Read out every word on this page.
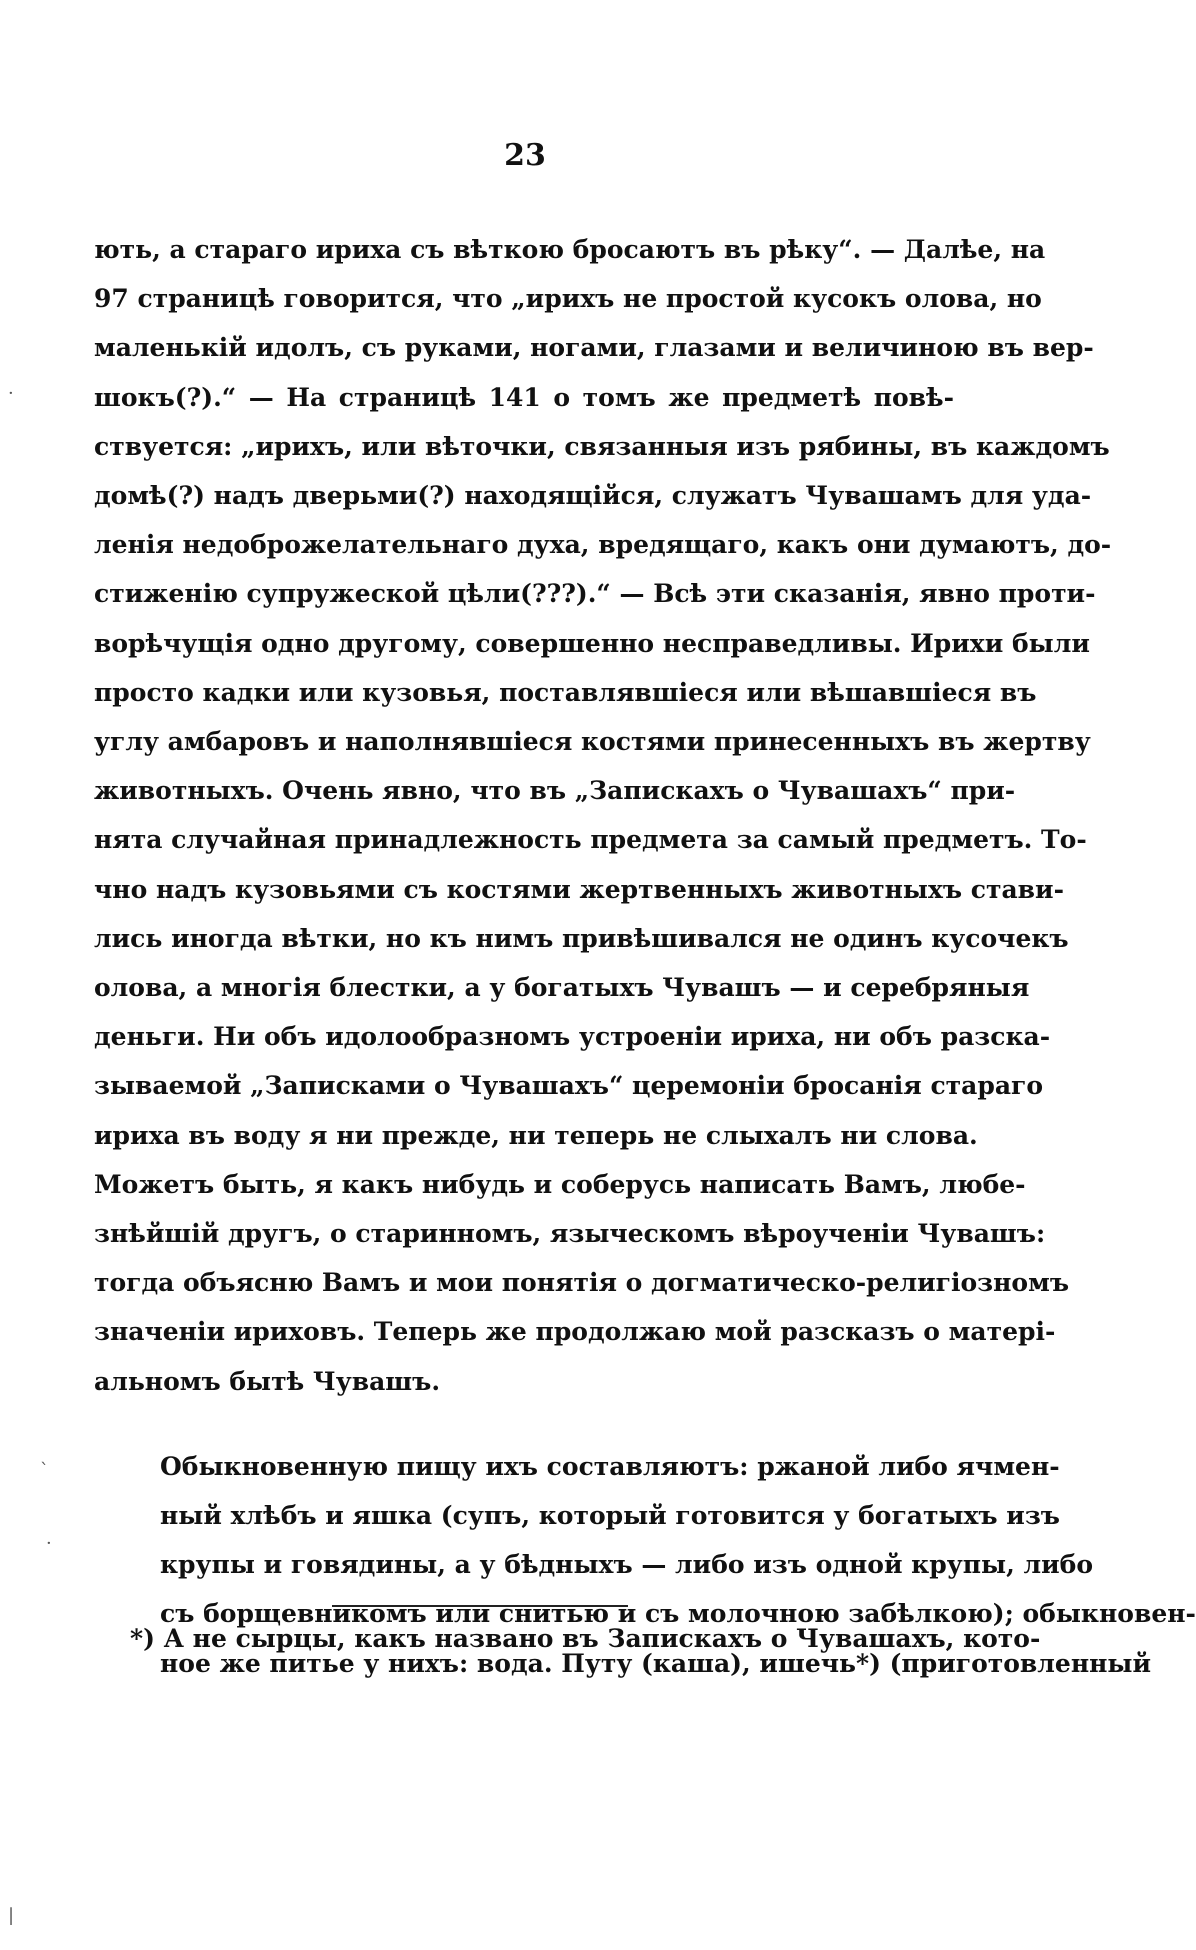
23
ють, а стараго ириха съ вѣткою бросаютъ въ рѣку“. — Далѣе, на
97 страницѣ говорится, что „ирихъ не простой кусокъ олова, но
маленькій идолъ, съ руками, ногами, глазами и величиною въ вер-
шокъ(?).“ — На страницѣ 141 о томъ же предметѣ повѣ-
ствуется: „ирихъ, или вѣточки, связанныя изъ рябины, въ каждомъ
домѣ(?) надъ дверьми(?) находящійся, служатъ Чувашамъ для уда-
ленія недоброжелательнаго духа, вредящаго, какъ они думаютъ, до-
стиженію супружеской цѣли(???).“ — Всѣ эти сказанія, явно проти-
ворѣчущія одно другому, совершенно несправедливы. Ирихи были
просто кадки или кузовья, поставлявшіеся или вѣшавшіеся въ
углу амбаровъ и наполнявшіеся костями принесенныхъ въ жертву
животныхъ. Очень явно, что въ „Запискахъ о Чувашахъ“ при-
нята случайная принадлежность предмета за самый предметъ. То-
чно надъ кузовьями съ костями жертвенныхъ животныхъ стави-
лись иногда вѣтки, но къ нимъ привѣшивался не одинъ кусочекъ
олова, а многія блестки, а у богатыхъ Чувашъ — и серебряныя
деньги. Ни объ идолообразномъ устроеніи ириха, ни объ разска-
зываемой „Записками о Чувашахъ“ церемоніи бросанія стараго
ириха въ воду я ни прежде, ни теперь не слыхалъ ни слова.
Можетъ быть, я какъ нибудь и соберусь написать Вамъ, любе-
знѣйшій другъ, о старинномъ, языческомъ вѣроученіи Чувашъ:
тогда объясню Вамъ и мои понятія о догматическо-религіозномъ
значеніи ириховъ. Теперь же продолжаю мой разсказъ о матері-
альномъ бытѣ Чувашъ.
Обыкновенную пищу ихъ составляютъ: ржаной либо ячмен-
ный хлѣбъ и яшка (супъ, который готовится у богатыхъ изъ
крупы и говядины, а у бѣдныхъ — либо изъ одной крупы, либо
съ борщевникомъ или снитью и съ молочною забѣлкою); обыкновен-
ное же питье у нихъ: вода. Путу (каша), ишечь*) (приготовленный
*) А не сырцы, какъ названо въ Запискахъ о Чувашахъ, кото-
·
ˋ
·
|
